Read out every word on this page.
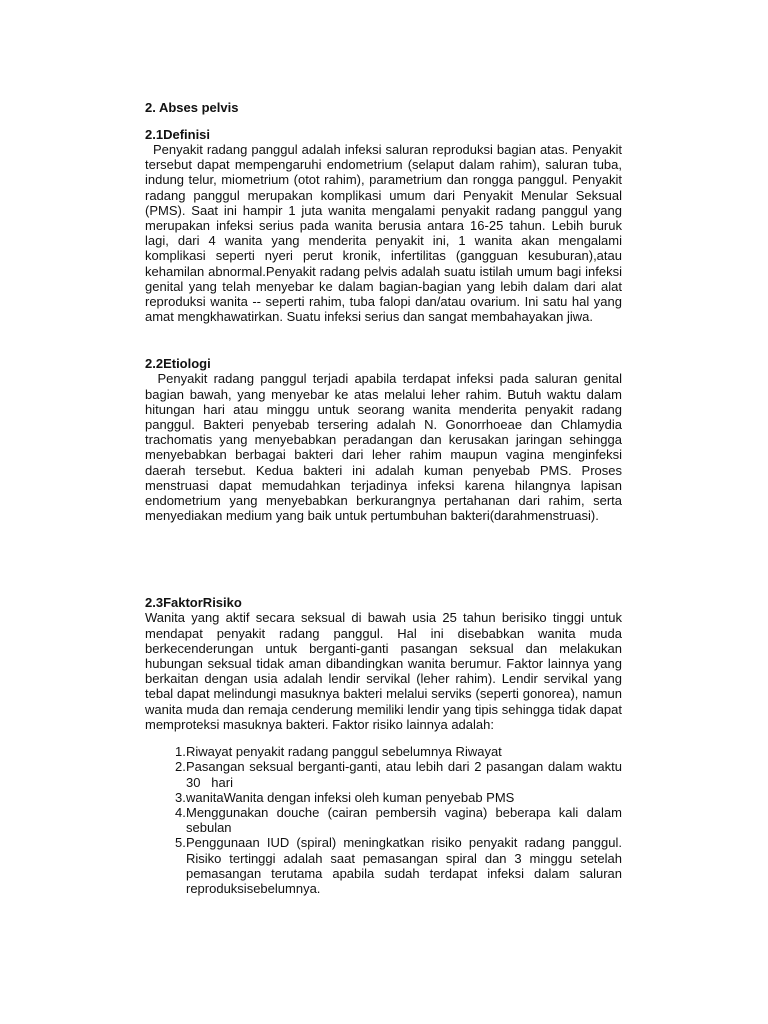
2. Abses pelvis
2.1Definisi

Penyakit radang panggul adalah infeksi saluran reproduksi bagian atas. Penyakit tersebut dapat mempengaruhi endometrium (selaput dalam rahim), saluran tuba, indung telur, miometrium (otot rahim), parametrium dan rongga panggul. Penyakit radang panggul merupakan komplikasi umum dari Penyakit Menular Seksual (PMS). Saat ini hampir 1 juta wanita mengalami penyakit radang panggul yang merupakan infeksi serius pada wanita berusia antara 16-25 tahun. Lebih buruk lagi, dari 4 wanita yang menderita penyakit ini, 1 wanita akan mengalami komplikasi seperti nyeri perut kronik, infertilitas (gangguan kesuburan),atau kehamilan abnormal.Penyakit radang pelvis adalah suatu istilah umum bagi infeksi genital yang telah menyebar ke dalam bagian-bagian yang lebih dalam dari alat reproduksi wanita -- seperti rahim, tuba falopi dan/atau ovarium. Ini satu hal yang amat mengkhawatirkan. Suatu infeksi serius dan sangat membahayakan jiwa.

2.2Etiologi

Penyakit radang panggul terjadi apabila terdapat infeksi pada saluran genital bagian bawah, yang menyebar ke atas melalui leher rahim. Butuh waktu dalam hitungan hari atau minggu untuk seorang wanita menderita penyakit radang panggul. Bakteri penyebab tersering adalah N. Gonorrhoeae dan Chlamydia trachomatis yang menyebabkan peradangan dan kerusakan jaringan sehingga menyebabkan berbagai bakteri dari leher rahim maupun vagina menginfeksi daerah tersebut. Kedua bakteri ini adalah kuman penyebab PMS. Proses menstruasi dapat memudahkan terjadinya infeksi karena hilangnya lapisan endometrium yang menyebabkan berkurangnya pertahanan dari rahim, serta menyediakan medium yang baik untuk pertumbuhan bakteri(darahmenstruasi).

2.3FaktorRisiko

Wanita yang aktif secara seksual di bawah usia 25 tahun berisiko tinggi untuk mendapat penyakit radang panggul. Hal ini disebabkan wanita muda berkecenderungan untuk berganti-ganti pasangan seksual dan melakukan hubungan seksual tidak aman dibandingkan wanita berumur. Faktor lainnya yang berkaitan dengan usia adalah lendir servikal (leher rahim). Lendir servikal yang tebal dapat melindungi masuknya bakteri melalui serviks (seperti gonorea), namun wanita muda dan remaja cenderung memiliki lendir yang tipis sehingga tidak dapat memproteksi masuknya bakteri. Faktor risiko lainnya adalah:

1. Riwayat penyakit radang panggul sebelumnya Riwayat
2. Pasangan seksual berganti-ganti, atau lebih dari 2 pasangan dalam waktu 30   hari
3. wanitaWanita dengan infeksi oleh kuman penyebab PMS
4. Menggunakan douche (cairan pembersih vagina) beberapa kali dalam sebulan
5. Penggunaan IUD (spiral) meningkatkan risiko penyakit radang panggul. Risiko tertinggi adalah saat pemasangan spiral dan 3 minggu setelah pemasangan terutama apabila sudah terdapat infeksi dalam saluran reproduksisebelumnya.
